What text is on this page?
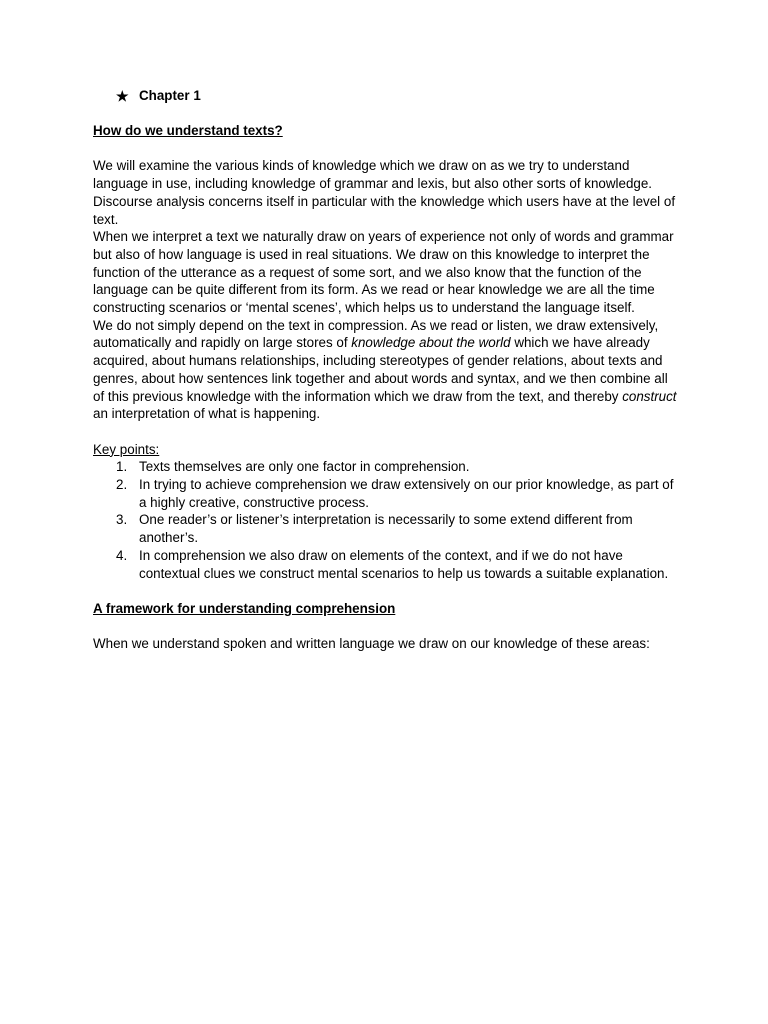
★ Chapter 1

How do we understand texts?

We will examine the various kinds of knowledge which we draw on as we try to understand language in use, including knowledge of grammar and lexis, but also other sorts of knowledge. Discourse analysis concerns itself in particular with the knowledge which users have at the level of text.

When we interpret a text we naturally draw on years of experience not only of words and grammar but also of how language is used in real situations. We draw on this knowledge to interpret the function of the utterance as a request of some sort, and we also know that the function of the language can be quite different from its form. As we read or hear knowledge we are all the time constructing scenarios or ‘mental scenes’, which helps us to understand the language itself.

We do not simply depend on the text in compression. As we read or listen, we draw extensively, automatically and rapidly on large stores of knowledge about the world which we have already acquired, about humans relationships, including stereotypes of gender relations, about texts and genres, about how sentences link together and about words and syntax, and we then combine all of this previous knowledge with the information which we draw from the text, and thereby construct an interpretation of what is happening.

Key points:

1. Texts themselves are only one factor in comprehension.
2. In trying to achieve comprehension we draw extensively on our prior knowledge, as part of a highly creative, constructive process.
3. One reader’s or listener’s interpretation is necessarily to some extend different from another’s.
4. In comprehension we also draw on elements of the context, and if we do not have contextual clues we construct mental scenarios to help us towards a suitable explanation.

A framework for understanding comprehension

When we understand spoken and written language we draw on our knowledge of these areas:
